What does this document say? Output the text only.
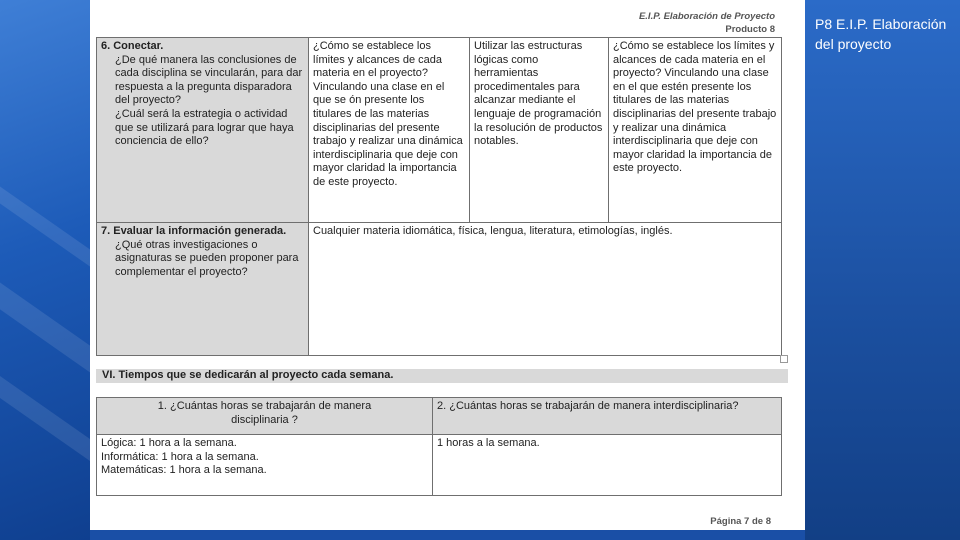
P8 E.I.P. Elaboración
del proyecto
E.I.P. Elaboración de Proyecto
Producto 8
6. Conectar.
¿De qué manera las conclusiones de cada disciplina se vincularán, para dar respuesta a la pregunta disparadora del proyecto?
¿Cuál será la estrategia o actividad que se utilizará para lograr que haya conciencia de ello?
¿Cómo se establece los límites y alcances de cada materia en el proyecto? Vinculando una clase en el que se ón presente los titulares de las materias disciplinarias del presente trabajo y realizar una dinámica interdisciplinaria que deje con mayor claridad la importancia de este proyecto.
Utilizar las estructuras lógicas como herramientas procedimentales para alcanzar mediante el lenguaje de programación la resolución de productos notables.
¿Cómo se establece los límites y alcances de cada materia en el proyecto? Vinculando una clase en el que estén presente los titulares de las materias disciplinarias del presente trabajo y realizar una dinámica interdisciplinaria que deje con mayor claridad la importancia de este proyecto.
7. Evaluar la información generada.
¿Qué otras investigaciones o asignaturas se pueden proponer para complementar el proyecto?
Cualquier materia idiomática, física, lengua, literatura, etimologías, inglés.
VI. Tiempos que se dedicarán al proyecto cada semana.
1. ¿Cuántas horas se trabajarán de manera
disciplinaria ?
2. ¿Cuántas horas se trabajarán de manera interdisciplinaria?
Lógica: 1 hora a la semana.
Informática: 1 hora a la semana.
Matemáticas: 1 hora a la semana.
1 horas a la semana.
Página 7 de 8
